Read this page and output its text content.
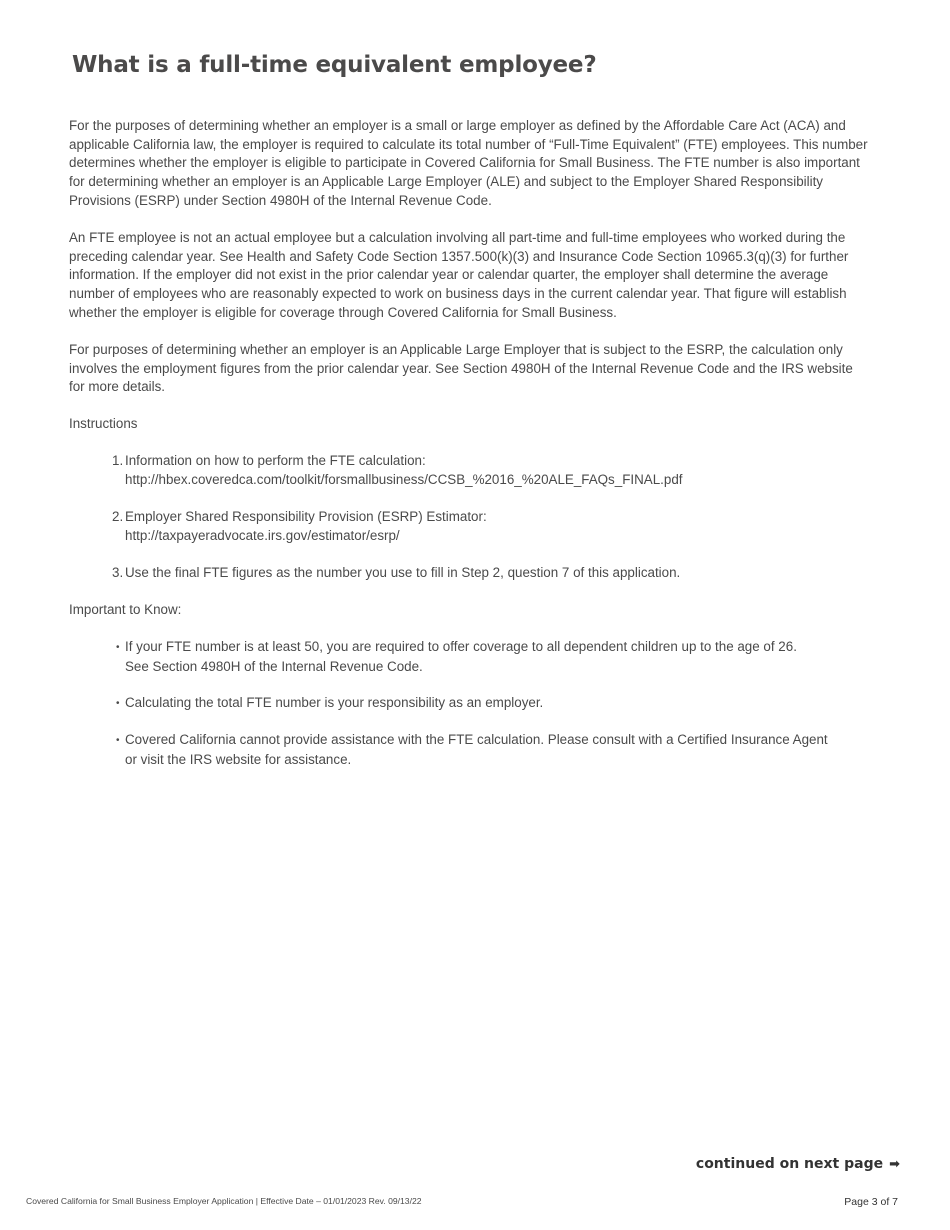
What is a full-time equivalent employee?

For the purposes of determining whether an employer is a small or large employer as defined by the Affordable Care Act (ACA) and applicable California law, the employer is required to calculate its total number of “Full-Time Equivalent” (FTE) employees. This number determines whether the employer is eligible to participate in Covered California for Small Business. The FTE number is also important for determining whether an employer is an Applicable Large Employer (ALE) and subject to the Employer Shared Responsibility Provisions (ESRP) under Section 4980H of the Internal Revenue Code.

An FTE employee is not an actual employee but a calculation involving all part-time and full-time employees who worked during the preceding calendar year. See Health and Safety Code Section 1357.500(k)(3) and Insurance Code Section 10965.3(q)(3) for further information. If the employer did not exist in the prior calendar year or calendar quarter, the employer shall determine the average number of employees who are reasonably expected to work on business days in the current calendar year. That figure will establish whether the employer is eligible for coverage through Covered California for Small Business.

For purposes of determining whether an employer is an Applicable Large Employer that is subject to the ESRP, the calculation only involves the employment figures from the prior calendar year. See Section 4980H of the Internal Revenue Code and the IRS website for more details.

Instructions
1. Information on how to perform the FTE calculation:
http://hbex.coveredca.com/toolkit/forsmallbusiness/CCSB_%2016_%20ALE_FAQs_FINAL.pdf
2. Employer Shared Responsibility Provision (ESRP) Estimator:
http://taxpayeradvocate.irs.gov/estimator/esrp/
3. Use the final FTE figures as the number you use to fill in Step 2, question 7 of this application.
Important to Know:
• If your FTE number is at least 50, you are required to offer coverage to all dependent children up to the age of 26.
See Section 4980H of the Internal Revenue Code.
• Calculating the total FTE number is your responsibility as an employer.
• Covered California cannot provide assistance with the FTE calculation. Please consult with a Certified Insurance Agent
or visit the IRS website for assistance.
continued on next page ➡
Covered California for Small Business Employer Application | Effective Date – 01/01/2023 Rev. 09/13/22	Page 3 of 7
